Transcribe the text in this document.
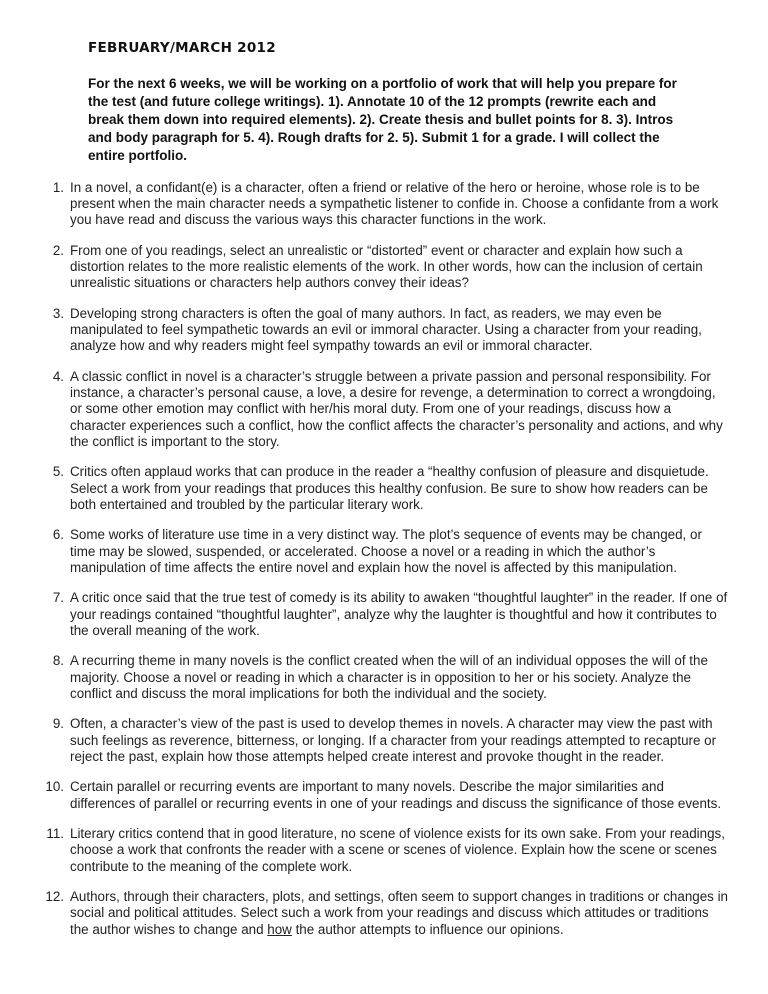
FEBRUARY/MARCH 2012
For the next 6 weeks, we will be working on a portfolio of work that will help you prepare for the test (and future college writings). 1). Annotate 10 of the 12 prompts (rewrite each and break them down into required elements). 2). Create thesis and bullet points for 8. 3). Intros and body paragraph for 5. 4). Rough drafts for 2. 5). Submit 1 for a grade. I will collect the entire portfolio.
1. In a novel, a confidant(e) is a character, often a friend or relative of the hero or heroine, whose role is to be present when the main character needs a sympathetic listener to confide in. Choose a confidante from a work you have read and discuss the various ways this character functions in the work.
2. From one of you readings, select an unrealistic or “distorted” event or character and explain how such a distortion relates to the more realistic elements of the work. In other words, how can the inclusion of certain unrealistic situations or characters help authors convey their ideas?
3. Developing strong characters is often the goal of many authors. In fact, as readers, we may even be manipulated to feel sympathetic towards an evil or immoral character. Using a character from your reading, analyze how and why readers might feel sympathy towards an evil or immoral character.
4. A classic conflict in novel is a character’s struggle between a private passion and personal responsibility. For instance, a character’s personal cause, a love, a desire for revenge, a determination to correct a wrongdoing, or some other emotion may conflict with her/his moral duty. From one of your readings, discuss how a character experiences such a conflict, how the conflict affects the character’s personality and actions, and why the conflict is important to the story.
5. Critics often applaud works that can produce in the reader a “healthy confusion of pleasure and disquietude. Select a work from your readings that produces this healthy confusion. Be sure to show how readers can be both entertained and troubled by the particular literary work.
6. Some works of literature use time in a very distinct way. The plot’s sequence of events may be changed, or time may be slowed, suspended, or accelerated. Choose a novel or a reading in which the author’s manipulation of time affects the entire novel and explain how the novel is affected by this manipulation.
7. A critic once said that the true test of comedy is its ability to awaken “thoughtful laughter” in the reader. If one of your readings contained “thoughtful laughter”, analyze why the laughter is thoughtful and how it contributes to the overall meaning of the work.
8. A recurring theme in many novels is the conflict created when the will of an individual opposes the will of the majority. Choose a novel or reading in which a character is in opposition to her or his society. Analyze the conflict and discuss the moral implications for both the individual and the society.
9. Often, a character’s view of the past is used to develop themes in novels. A character may view the past with such feelings as reverence, bitterness, or longing. If a character from your readings attempted to recapture or reject the past, explain how those attempts helped create interest and provoke thought in the reader.
10. Certain parallel or recurring events are important to many novels. Describe the major similarities and differences of parallel or recurring events in one of your readings and discuss the significance of those events.
11. Literary critics contend that in good literature, no scene of violence exists for its own sake. From your readings, choose a work that confronts the reader with a scene or scenes of violence. Explain how the scene or scenes contribute to the meaning of the complete work.
12. Authors, through their characters, plots, and settings, often seem to support changes in traditions or changes in social and political attitudes. Select such a work from your readings and discuss which attitudes or traditions the author wishes to change and how the author attempts to influence our opinions.
